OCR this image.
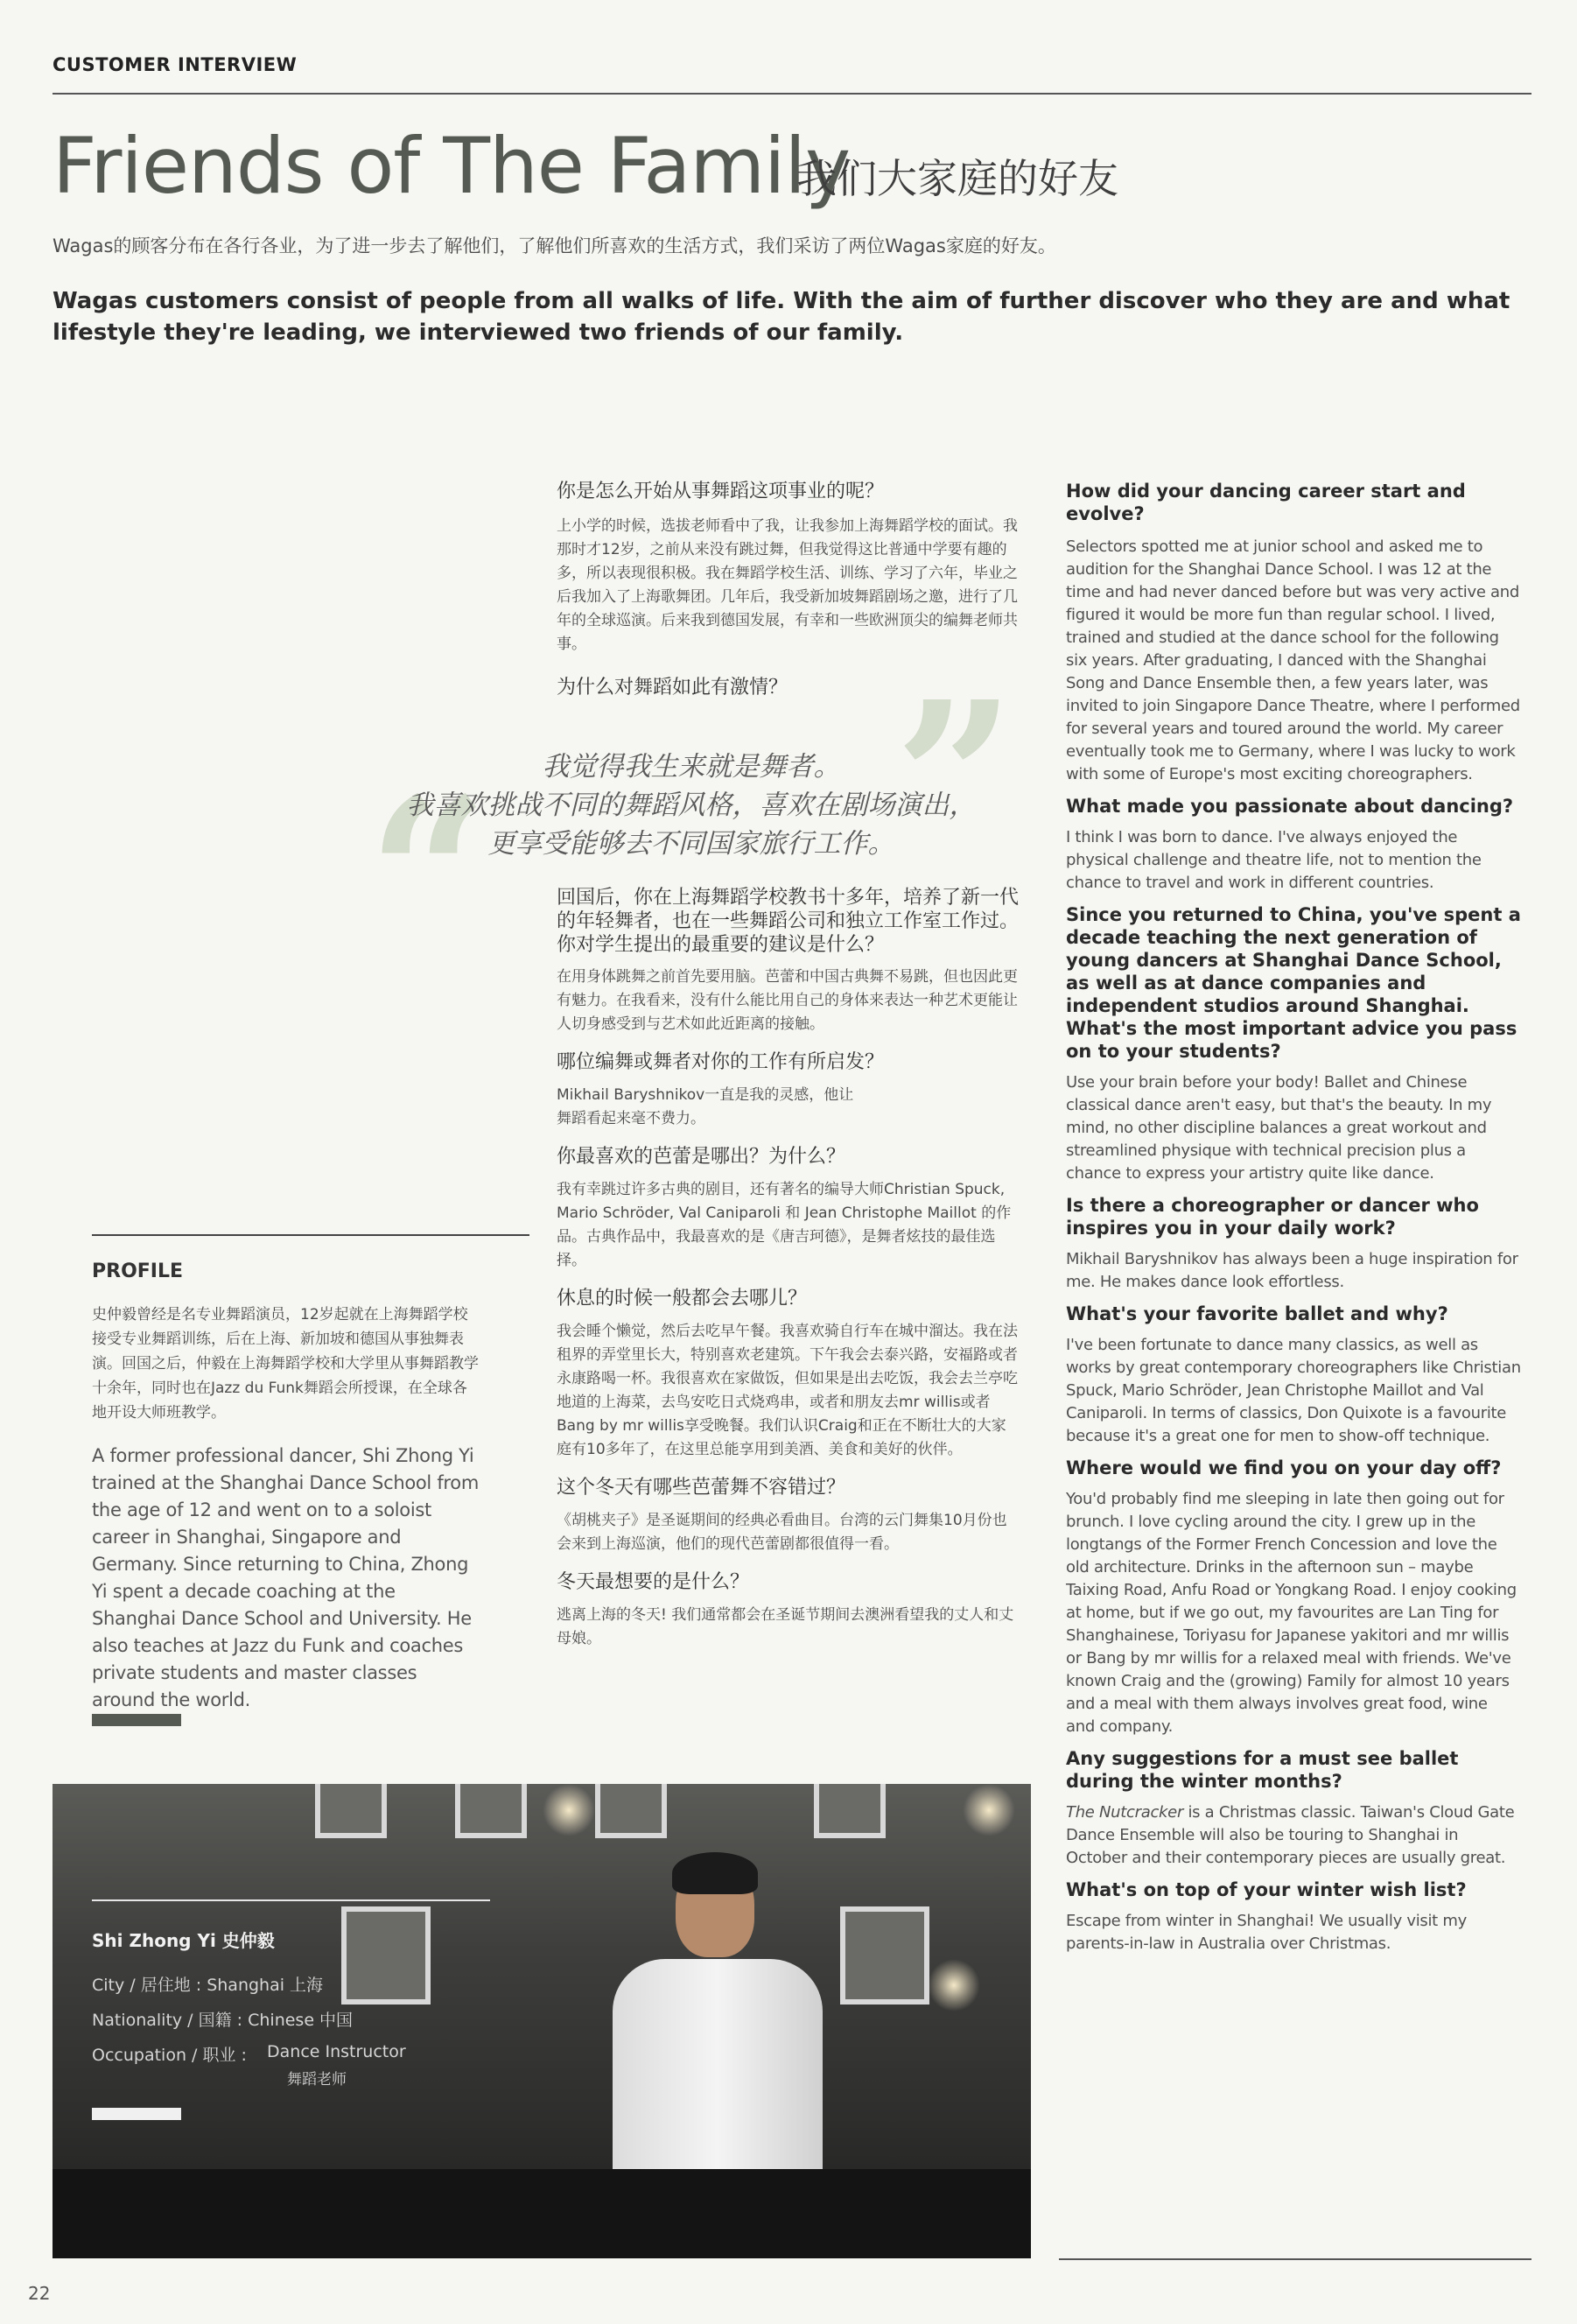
CUSTOMER INTERVIEW
Friends of The Family
我们大家庭的好友
Wagas的顾客分布在各行各业，为了进一步去了解他们，了解他们所喜欢的生活方式，我们采访了两位Wagas家庭的好友。
Wagas customers consist of people from all walks of life. With the aim of further discover who they are and what lifestyle they're leading, we interviewed two friends of our family.

你是怎么开始从事舞蹈这项事业的呢？

上小学的时候，选拔老师看中了我，让我参加上海舞蹈学校的面试。我那时才12岁，之前从来没有跳过舞，但我觉得这比普通中学要有趣的多，所以表现很积极。我在舞蹈学校生活、训练、学习了六年，毕业之后我加入了上海歌舞团。几年后，我受新加坡舞蹈剧场之邀，进行了几年的全球巡演。后来我到德国发展，有幸和一些欧洲顶尖的编舞老师共事。

为什么对舞蹈如此有激情？ ”
“	我觉得我生来就是舞者。
我喜欢挑战不同的舞蹈风格，喜欢在剧场演出，
更享受能够去不同国家旅行工作。

回国后，你在上海舞蹈学校教书十多年，培养了新一代的年轻舞者，也在一些舞蹈公司和独立工作室工作过。你对学生提出的最重要的建议是什么？

在用身体跳舞之前首先要用脑。芭蕾和中国古典舞不易跳，但也因此更有魅力。在我看来，没有什么能比用自己的身体来表达一种艺术更能让人切身感受到与艺术如此近距离的接触。

哪位编舞或舞者对你的工作有所启发？

Mikhail Baryshnikov一直是我的灵感，他让舞蹈看起来毫不费力。

你最喜欢的芭蕾是哪出？为什么？

我有幸跳过许多古典的剧目，还有著名的编导大师Christian Spuck, Mario Schröder, Val Caniparoli 和 Jean Christophe Maillot 的作品。古典作品中，我最喜欢的是《唐吉珂德》，是舞者炫技的最佳选择。

休息的时候一般都会去哪儿？

我会睡个懒觉，然后去吃早午餐。我喜欢骑自行车在城中溜达。我在法租界的弄堂里长大，特别喜欢老建筑。下午我会去泰兴路，安福路或者永康路喝一杯。我很喜欢在家做饭，但如果是出去吃饭，我会去兰亭吃地道的上海菜，去鸟安吃日式烧鸡串，或者和朋友去mr willis或者Bang by mr willis享受晚餐。我们认识Craig和正在不断壮大的大家庭有10多年了，在这里总能享用到美酒、美食和美好的伙伴。

这个冬天有哪些芭蕾舞不容错过？

《胡桃夹子》是圣诞期间的经典必看曲目。台湾的云门舞集10月份也会来到上海巡演，他们的现代芭蕾剧都很值得一看。

冬天最想要的是什么？

逃离上海的冬天! 我们通常都会在圣诞节期间去澳洲看望我的丈人和丈母娘。

How did your dancing career start and evolve?

Selectors spotted me at junior school and asked me to audition for the Shanghai Dance School. I was 12 at the time and had never danced before but was very active and figured it would be more fun than regular school. I lived, trained and studied at the dance school for the following six years. After graduating, I danced with the Shanghai Song and Dance Ensemble then, a few years later, was invited to join Singapore Dance Theatre, where I performed for several years and toured around the world. My career eventually took me to Germany, where I was lucky to work with some of Europe's most exciting choreographers.

What made you passionate about dancing?

I think I was born to dance. I've always enjoyed the physical challenge and theatre life, not to mention the chance to travel and work in different countries.

Since you returned to China, you've spent a decade teaching the next generation of young dancers at Shanghai Dance School, as well as at dance companies and independent studios around Shanghai. What's the most important advice you pass on to your students?

Use your brain before your body! Ballet and Chinese classical dance aren't easy, but that's the beauty. In my mind, no other discipline balances a great workout and streamlined physique with technical precision plus a chance to express your artistry quite like dance.

Is there a choreographer or dancer who inspires you in your daily work?

Mikhail Baryshnikov has always been a huge inspiration for me. He makes dance look effortless.

What's your favorite ballet and why?

I've been fortunate to dance many classics, as well as works by great contemporary choreographers like Christian Spuck, Mario Schröder, Jean Christophe Maillot and Val Caniparoli. In terms of classics, Don Quixote is a favourite because it's a great one for men to show-off technique.

Where would we find you on your day off?

You'd probably find me sleeping in late then going out for brunch. I love cycling around the city. I grew up in the longtangs of the Former French Concession and love the old architecture. Drinks in the afternoon sun – maybe Taixing Road, Anfu Road or Yongkang Road. I enjoy cooking at home, but if we go out, my favourites are Lan Ting for Shanghainese, Toriyasu for Japanese yakitori and mr willis or Bang by mr willis for a relaxed meal with friends. We've known Craig and the (growing) Family for almost 10 years and a meal with them always involves great food, wine and company.

Any suggestions for a must see ballet during the winter months?

The Nutcracker is a Christmas classic. Taiwan's Cloud Gate Dance Ensemble will also be touring to Shanghai in October and their contemporary pieces are usually great.

What's on top of your winter wish list?

Escape from winter in Shanghai! We usually visit my parents-in-law in Australia over Christmas.

PROFILE
史仲毅曾经是名专业舞蹈演员，12岁起就在上海舞蹈学校接受专业舞蹈训练，后在上海、新加坡和德国从事独舞表演。回国之后，仲毅在上海舞蹈学校和大学里从事舞蹈教学十余年，同时也在Jazz du Funk舞蹈会所授课，在全球各地开设大师班教学。
A former professional dancer, Shi Zhong Yi trained at the Shanghai Dance School from the age of 12 and went on to a soloist career in Shanghai, Singapore and Germany. Since returning to China, Zhong Yi spent a decade coaching at the Shanghai Dance School and University. He also teaches at Jazz du Funk and coaches private students and master classes around the world.
Shi Zhong Yi 史仲毅
City / 居住地 : Shanghai 上海
Nationality / 国籍 : Chinese 中国
Occupation / 职业 : Dance Instructor
舞蹈老师
22
